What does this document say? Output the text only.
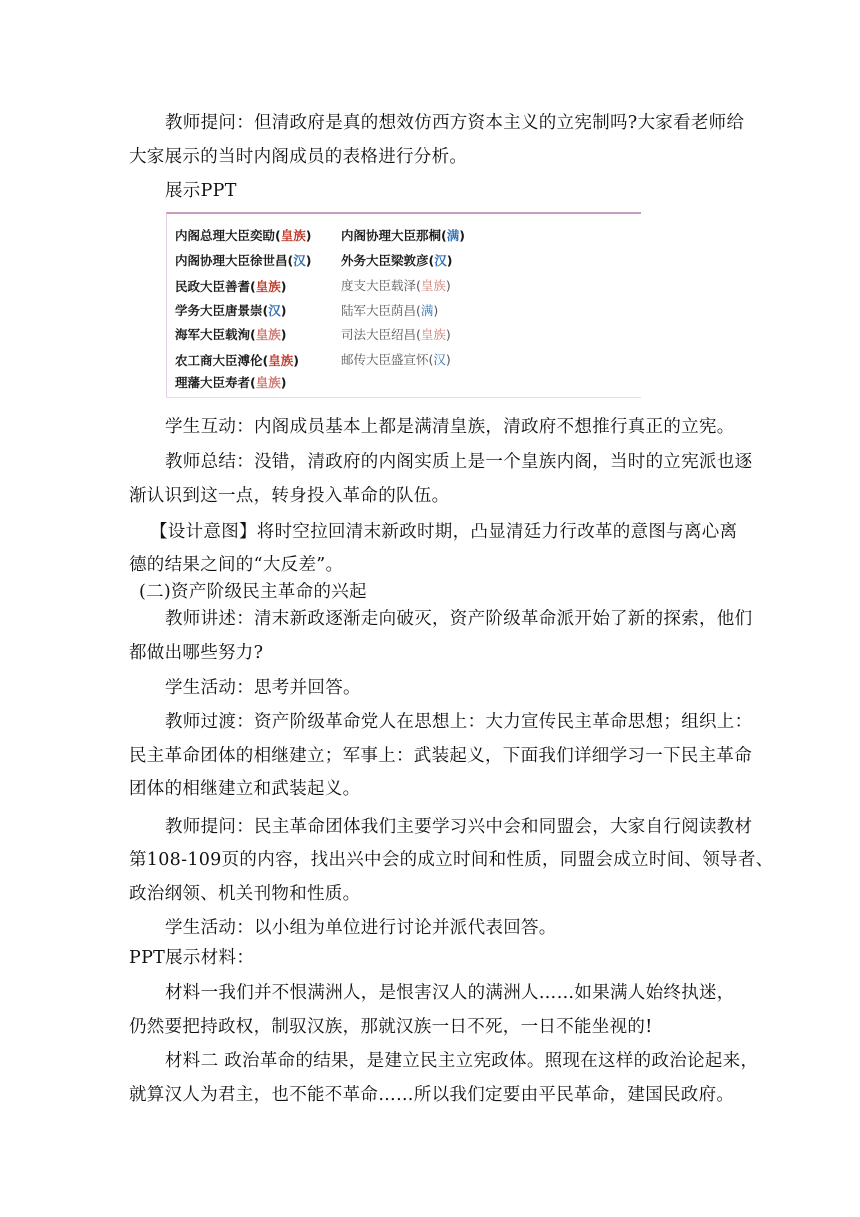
教师提问：但清政府是真的想效仿西方资本主义的立宪制吗?大家看老师给
大家展示的当时内阁成员的表格进行分析。
展示PPT
内阁总理大臣奕劻(皇族)
内阁协理大臣徐世昌(汉)
民政大臣善耆(皇族)
学务大臣唐景崇(汉)
海军大臣载洵(皇族)
农工商大臣溥伦(皇族)
理藩大臣寿者(皇族)
内阁协理大臣那桐(满)
外务大臣梁敦彦(汉)
度支大臣载泽(皇族)
陆军大臣荫昌(满)
司法大臣绍昌(皇族)
邮传大臣盛宣怀(汉)
学生互动：内阁成员基本上都是满清皇族，清政府不想推行真正的立宪。
教师总结：没错，清政府的内阁实质上是一个皇族内阁，当时的立宪派也逐
渐认识到这一点，转身投入革命的队伍。
【设计意图】将时空拉回清末新政时期，凸显清廷力行改革的意图与离心离
德的结果之间的“大反差”。
(二)资产阶级民主革命的兴起
教师讲述：清末新政逐渐走向破灭，资产阶级革命派开始了新的探索，他们
都做出哪些努力?
学生活动：思考并回答。
教师过渡：资产阶级革命党人在思想上：大力宣传民主革命思想；组织上：
民主革命团体的相继建立；军事上：武装起义，下面我们详细学习一下民主革命
团体的相继建立和武装起义。
教师提问：民主革命团体我们主要学习兴中会和同盟会，大家自行阅读教材
第108-109页的内容，找出兴中会的成立时间和性质，同盟会成立时间、领导者、
政治纲领、机关刊物和性质。
学生活动：以小组为单位进行讨论并派代表回答。
PPT展示材料：
材料一我们并不恨满洲人，是恨害汉人的满洲人……如果满人始终执迷，
仍然要把持政权，制驭汉族，那就汉族一日不死，一日不能坐视的!
材料二 政治革命的结果，是建立民主立宪政体。照现在这样的政治论起来，
就算汉人为君主，也不能不革命……所以我们定要由平民革命，建国民政府。
